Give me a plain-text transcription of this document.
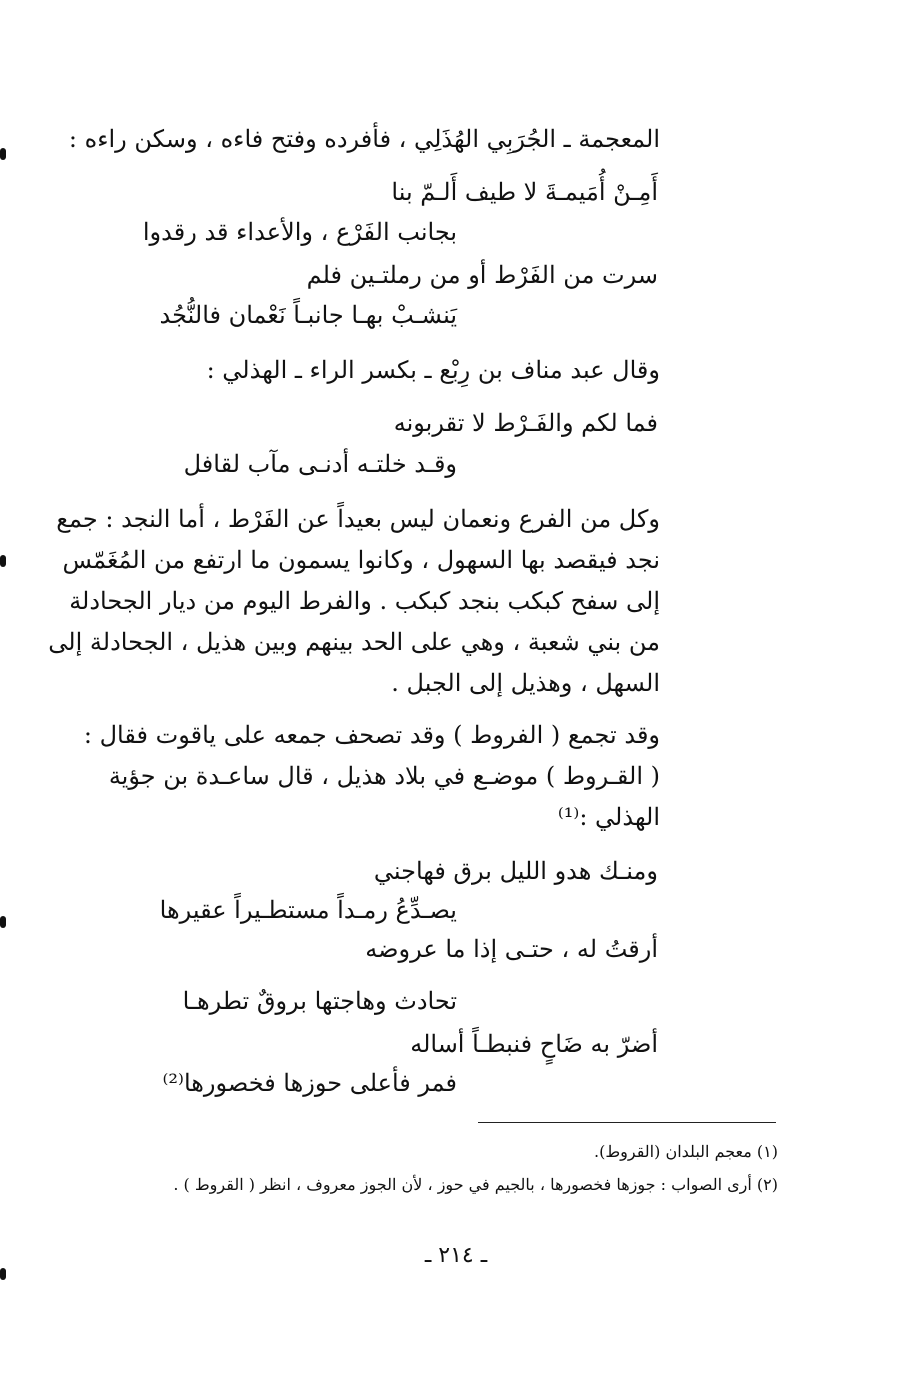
المعجمة ـ الجُرَبِي الهُذَلِي ، فأفرده وفتح فاءه ، وسكن راءه :
أَمِـنْ أُمَيمـةَ لا طيف أَلـمّ بنا
بجانب الفَرْع ، والأعداء قد رقدوا
سرت من الفَرْط أو من رملتـين فلم
يَنشـبْ بهـا جانبـاً نَعْمان فالنُّجُد
وقال عبد مناف بن رِبْع ـ بكسر الراء ـ الهذلي :
فما لكم والفَـرْط لا تقربونه
وقـد خلتـه أدنـى مآب لقافل
وكل من الفرع ونعمان ليس بعيداً عن الفَرْط ، أما النجد : جمع
نجد فيقصد بها السهول ، وكانوا يسمون ما ارتفع من المُغَمّس
إلى سفح كبكب بنجد كبكب . والفرط اليوم من ديار الجحادلة
من بني شعبة ، وهي على الحد بينهم وبين هذيل ، الجحادلة إلى
السهل ، وهذيل إلى الجبل .
وقد تجمع ( الفروط ) وقد تصحف جمعه على ياقوت فقال :
( القـروط ) موضـع في بلاد هذيل ، قال ساعـدة بن جؤية
الهذلي :⁽¹⁾
ومنـك هدو الليل برق فهاجني
يصـدِّعُ رمـداً مستطـيراً عقيرها
أرقتُ له ، حتـى إذا ما عروضه
تحادث وهاجتها بروقٌ تطرهـا
أضرّ به ضَاحٍ فنبطـاً أساله
فمر فأعلى حوزها فخصورها⁽²⁾
(١) معجم البلدان (القروط).
(٢) أرى الصواب : جوزها فخصورها ، بالجيم في حوز ، لأن الجوز معروف ، انظر ( القروط ) .
ـ ٢١٤ ـ
